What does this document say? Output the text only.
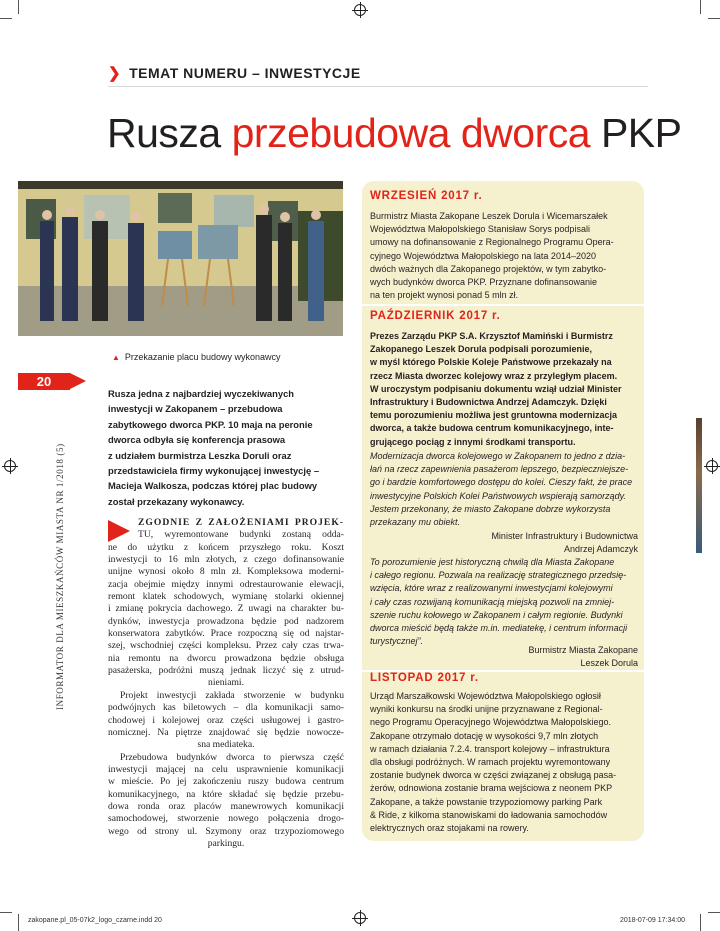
❯ TEMAT NUMERU – INWESTYCJE
Rusza przebudowa dworca PKP
▲ Przekazanie placu budowy wykonawcy
20
INFORMATOR DLA MIESZKAŃCÓW MIASTA NR 1/2018 (5)
Rusza jedna z najbardziej wyczekiwanych
inwestycji w Zakopanem – przebudowa
zabytkowego dworca PKP. 10 maja na peronie
dworca odbyła się konferencja prasowa
z udziałem burmistrza Leszka Doruli oraz
przedstawiciela firmy wykonującej inwestycję –
Macieja Walkosza, podczas której plac budowy
został przekazany wykonawcy.
ZGODNIE Z ZAŁOŻENIAMI PROJEK-
TU, wyremontowane budynki zostaną odda-
ne do użytku z końcem przyszłego roku. Koszt
inwestycji to 16 mln złotych, z czego dofinansowanie
unijne wynosi około 8 mln zł. Kompleksowa moderni-
zacja obejmie między innymi odrestaurowanie elewacji,
remont klatek schodowych, wymianę stolarki okiennej
i zmianę pokrycia dachowego. Z uwagi na charakter bu-
dynków, inwestycja prowadzona będzie pod nadzorem
konserwatora zabytków. Prace rozpoczną się od najstar-
szej, wschodniej części kompleksu. Przez cały czas trwa-
nia remontu na dworcu prowadzona będzie obsługa
pasażerska, podróżni muszą jednak liczyć się z utrud-
nieniami.
Projekt inwestycji zakłada stworzenie w budynku
podwójnych kas biletowych – dla komunikacji samo-
chodowej i kolejowej oraz części usługowej i gastro-
nomicznej. Na piętrze znajdować się będzie nowocze-
sna mediateka.
Przebudowa budynków dworca to pierwsza część
inwestycji mającej na celu usprawnienie komunikacji
w mieście. Po jej zakończeniu ruszy budowa centrum
komunikacyjnego, na które składać się będzie przebu-
dowa ronda oraz placów manewrowych komunikacji
samochodowej, stworzenie nowego połączenia drogo-
wego od strony ul. Szymony oraz trzypoziomowego
parkingu.
WRZESIEŃ 2017 r.
Burmistrz Miasta Zakopane Leszek Dorula i Wicemarszałek
Województwa Małopolskiego Stanisław Sorys podpisali
umowy na dofinansowanie z Regionalnego Programu Opera-
cyjnego Województwa Małopolskiego na lata 2014–2020
dwóch ważnych dla Zakopanego projektów, w tym zabytko-
wych budynków dworca PKP. Przyznane dofinansowanie
na ten projekt wynosi ponad 5 mln zł.
PAŹDZIERNIK 2017 r.
Prezes Zarządu PKP S.A. Krzysztof Mamiński i Burmistrz
Zakopanego Leszek Dorula podpisali porozumienie,
w myśl którego Polskie Koleje Państwowe przekazały na
rzecz Miasta dworzec kolejowy wraz z przyległym placem.
W uroczystym podpisaniu dokumentu wziął udział Minister
Infrastruktury i Budownictwa Andrzej Adamczyk. Dzięki
temu porozumieniu możliwa jest gruntowna modernizacja
dworca, a także budowa centrum komunikacyjnego, inte-
grującego pociąg z innymi środkami transportu.
Modernizacja dworca kolejowego w Zakopanem to jedno z dzia-
łań na rzecz zapewnienia pasażerom lepszego, bezpieczniejsze-
go i bardzie komfortowego dostępu do kolei. Cieszy fakt, że prace
inwestycyjne Polskich Kolei Państwowych wspierają samorządy.
Jestem przekonany, że miasto Zakopane dobrze wykorzysta
przekazany mu obiekt.
Minister Infrastruktury i Budownictwa
Andrzej Adamczyk
To porozumienie jest historyczną chwilą dla Miasta Zakopane
i całego regionu. Pozwala na realizację strategicznego przedsię-
wzięcia, które wraz z realizowanymi inwestycjami kolejowymi
i cały czas rozwijaną komunikacją miejską pozwoli na zmniej-
szenie ruchu kołowego w Zakopanem i całym regionie. Budynki
dworca mieścić będą także m.in. mediatekę, i centrum informacji
turystycznej”.
Burmistrz Miasta Zakopane
Leszek Dorula
LISTOPAD 2017 r.
Urząd Marszałkowski Województwa Małopolskiego ogłosił
wyniki konkursu na środki unijne przyznawane z Regional-
nego Programu Operacyjnego Województwa Małopolskiego.
Zakopane otrzymało dotację w wysokości 9,7 mln złotych
w ramach działania 7.2.4. transport kolejowy – infrastruktura
dla obsługi podróżnych. W ramach projektu wyremontowany
zostanie budynek dworca w części związanej z obsługą pasa-
żerów, odnowiona zostanie brama wejściowa z neonem PKP
Zakopane, a także powstanie trzypoziomowy parking Park
& Ride, z kilkoma stanowiskami do ładowania samochodów
elektrycznych oraz stojakami na rowery.
zakopane.pl_05-07k2_logo_czarne.indd 20	2018-07-09 17:34:00
